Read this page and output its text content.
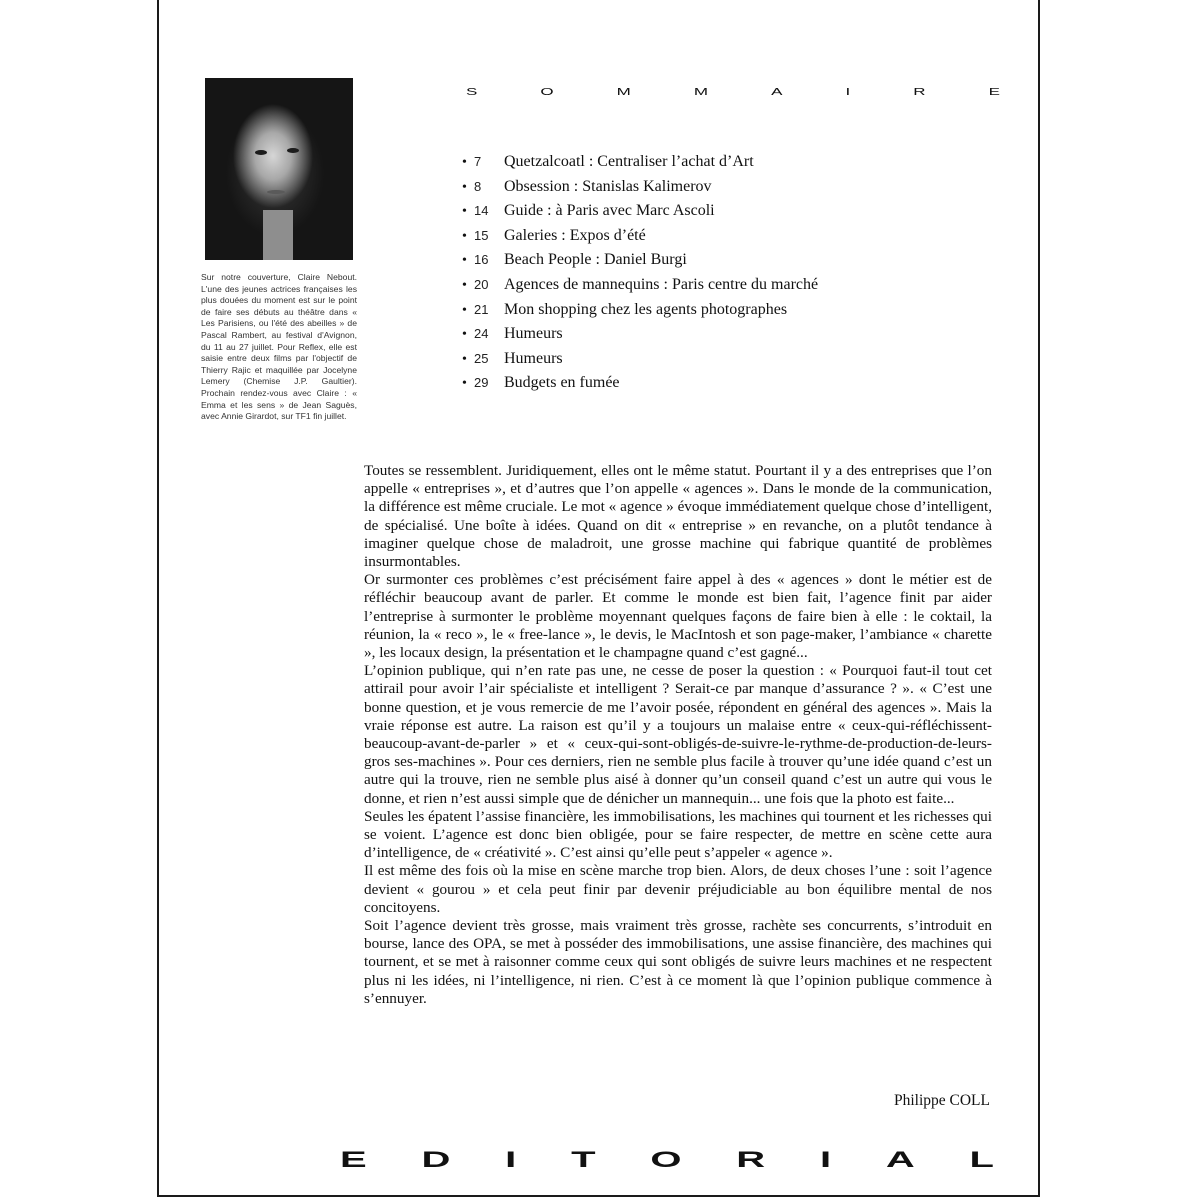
Sur notre couverture, Claire Nebout. L'une des jeunes actrices françaises les plus douées du moment est sur le point de faire ses débuts au théâtre dans « Les Parisiens, ou l'été des abeilles » de Pascal Rambert, au festival d'Avignon, du 11 au 27 juillet. Pour Reflex, elle est saisie entre deux films par l'objectif de Thierry Rajic et maquillée par Jocelyne Lemery (Chemise J.P. Gaultier). Prochain rendez-vous avec Claire : « Emma et les sens » de Jean Saguès, avec Annie Girardot, sur TF1 fin juillet.
S	O	M	M	A	I	R	E
• 7	Quetzalcoatl : Centraliser l’achat d’Art
• 8	Obsession : Stanislas Kalimerov
• 14 Guide : à Paris avec Marc Ascoli
• 15 Galeries : Expos d’été
• 16 Beach People : Daniel Burgi
• 20 Agences de mannequins : Paris centre du marché
• 21 Mon shopping chez les agents photographes
• 24 Humeurs
• 25 Humeurs
• 29 Budgets en fumée

Toutes se ressemblent. Juridiquement, elles ont le même statut. Pourtant il y a des entreprises que l’on appelle « entreprises », et d’autres que l’on appelle « agences ». Dans le monde de la communication, la différence est même cruciale. Le mot « agence » évoque immédiatement quelque chose d’intelligent, de spécialisé. Une boîte à idées. Quand on dit « entreprise » en revanche, on a plutôt tendance à imaginer quelque chose de maladroit, une grosse machine qui fabrique quantité de problèmes insurmontables.

Or surmonter ces problèmes c’est précisément faire appel à des « agences » dont le métier est de réfléchir beaucoup avant de parler. Et comme le monde est bien fait, l’agence finit par aider l’entreprise à surmonter le problème moyennant quelques façons de faire bien à elle : le coktail, la réunion, la « reco », le « free-lance », le devis, le MacIntosh et son page-maker, l’ambiance « charette », les locaux design, la présentation et le champagne quand c’est gagné...

L’opinion publique, qui n’en rate pas une, ne cesse de poser la question : « Pourquoi faut-il tout cet attirail pour avoir l’air spécialiste et intelligent ? Serait-ce par manque d’assurance ? ». « C’est une bonne question, et je vous remercie de me l’avoir posée, répondent en général des agences ». Mais la vraie réponse est autre. La raison est qu’il y a toujours un malaise entre « ceux-qui-réfléchissent-beaucoup-avant-de-parler » et « ceux-qui-sont-obligés-de-suivre-le-rythme-de-production-de-leurs-gros ses-machines ». Pour ces derniers, rien ne semble plus facile à trouver qu’une idée quand c’est un autre qui la trouve, rien ne semble plus aisé à donner qu’un conseil quand c’est un autre qui vous le donne, et rien n’est aussi simple que de dénicher un mannequin... une fois que la photo est faite...

Seules les épatent l’assise financière, les immobilisations, les machines qui tournent et les richesses qui se voient. L’agence est donc bien obligée, pour se faire respecter, de mettre en scène cette aura d’intelligence, de « créativité ». C’est ainsi qu’elle peut s’appeler « agence ».

Il est même des fois où la mise en scène marche trop bien. Alors, de deux choses l’une : soit l’agence devient « gourou » et cela peut finir par devenir préjudiciable au bon équilibre mental de nos concitoyens.

Soit l’agence devient très grosse, mais vraiment très grosse, rachète ses concurrents, s’introduit en bourse, lance des OPA, se met à posséder des immobilisations, une assise financière, des machines qui tournent, et se met à raisonner comme ceux qui sont obligés de suivre leurs machines et ne respectent plus ni les idées, ni l’intelligence, ni rien. C’est à ce moment là que l’opinion publique commence à s’ennuyer.

Philippe COLL
E D I T O R I A L
